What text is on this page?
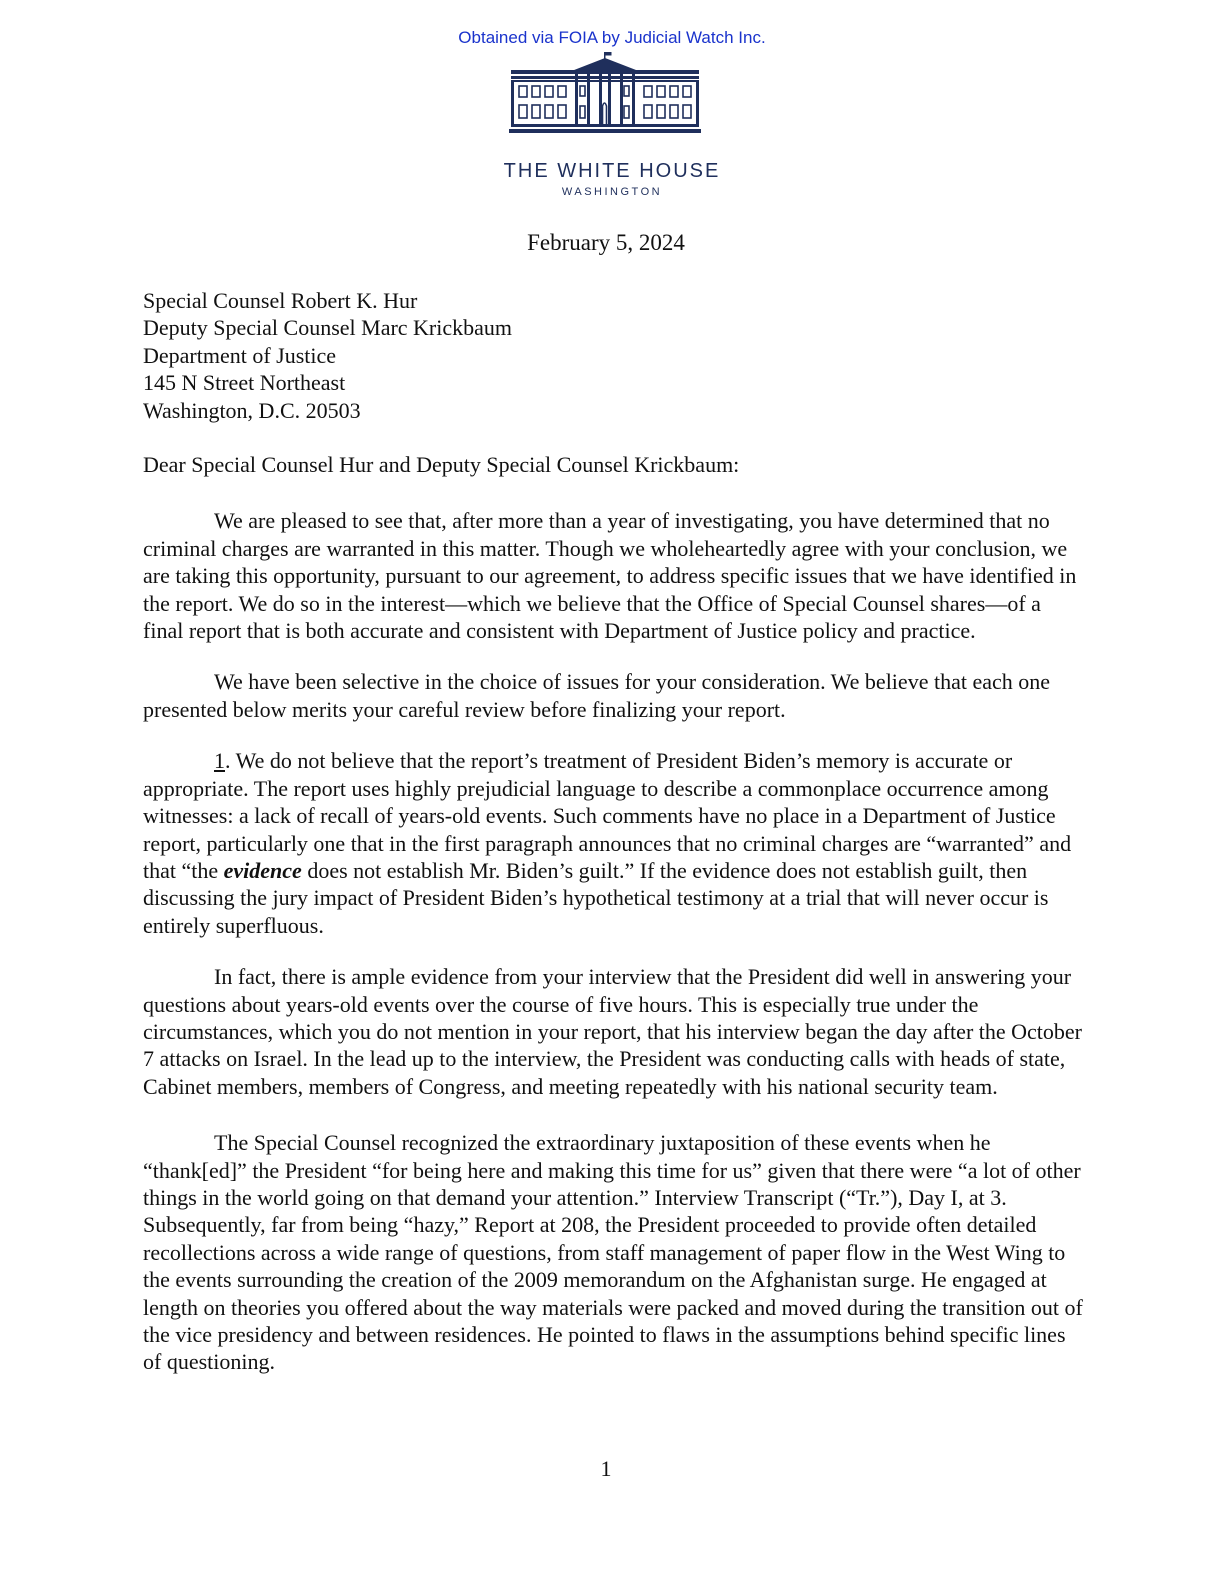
Obtained via FOIA by Judicial Watch Inc.
THE WHITE HOUSE
WASHINGTON
February 5, 2024
Special Counsel Robert K. Hur
Deputy Special Counsel Marc Krickbaum
Department of Justice
145 N Street Northeast
Washington, D.C. 20503

Dear Special Counsel Hur and Deputy Special Counsel Krickbaum:

We are pleased to see that, after more than a year of investigating, you have determined that no criminal charges are warranted in this matter. Though we wholeheartedly agree with your conclusion, we are taking this opportunity, pursuant to our agreement, to address specific issues that we have identified in the report. We do so in the interest—which we believe that the Office of Special Counsel shares—of a final report that is both accurate and consistent with Department of Justice policy and practice.

We have been selective in the choice of issues for your consideration. We believe that each one presented below merits your careful review before finalizing your report.

1. We do not believe that the report’s treatment of President Biden’s memory is accurate or appropriate. The report uses highly prejudicial language to describe a commonplace occurrence among witnesses: a lack of recall of years-old events. Such comments have no place in a Department of Justice report, particularly one that in the first paragraph announces that no criminal charges are “warranted” and that “the evidence does not establish Mr. Biden’s guilt.” If the evidence does not establish guilt, then discussing the jury impact of President Biden’s hypothetical testimony at a trial that will never occur is entirely superfluous.

In fact, there is ample evidence from your interview that the President did well in answering your questions about years-old events over the course of five hours. This is especially true under the circumstances, which you do not mention in your report, that his interview began the day after the October 7 attacks on Israel. In the lead up to the interview, the President was conducting calls with heads of state, Cabinet members, members of Congress, and meeting repeatedly with his national security team.

The Special Counsel recognized the extraordinary juxtaposition of these events when he “thank[ed]” the President “for being here and making this time for us” given that there were “a lot of other things in the world going on that demand your attention.” Interview Transcript (“Tr.”), Day I, at 3. Subsequently, far from being “hazy,” Report at 208, the President proceeded to provide often detailed recollections across a wide range of questions, from staff management of paper flow in the West Wing to the events surrounding the creation of the 2009 memorandum on the Afghanistan surge. He engaged at length on theories you offered about the way materials were packed and moved during the transition out of the vice presidency and between residences. He pointed to flaws in the assumptions behind specific lines of questioning.

1
